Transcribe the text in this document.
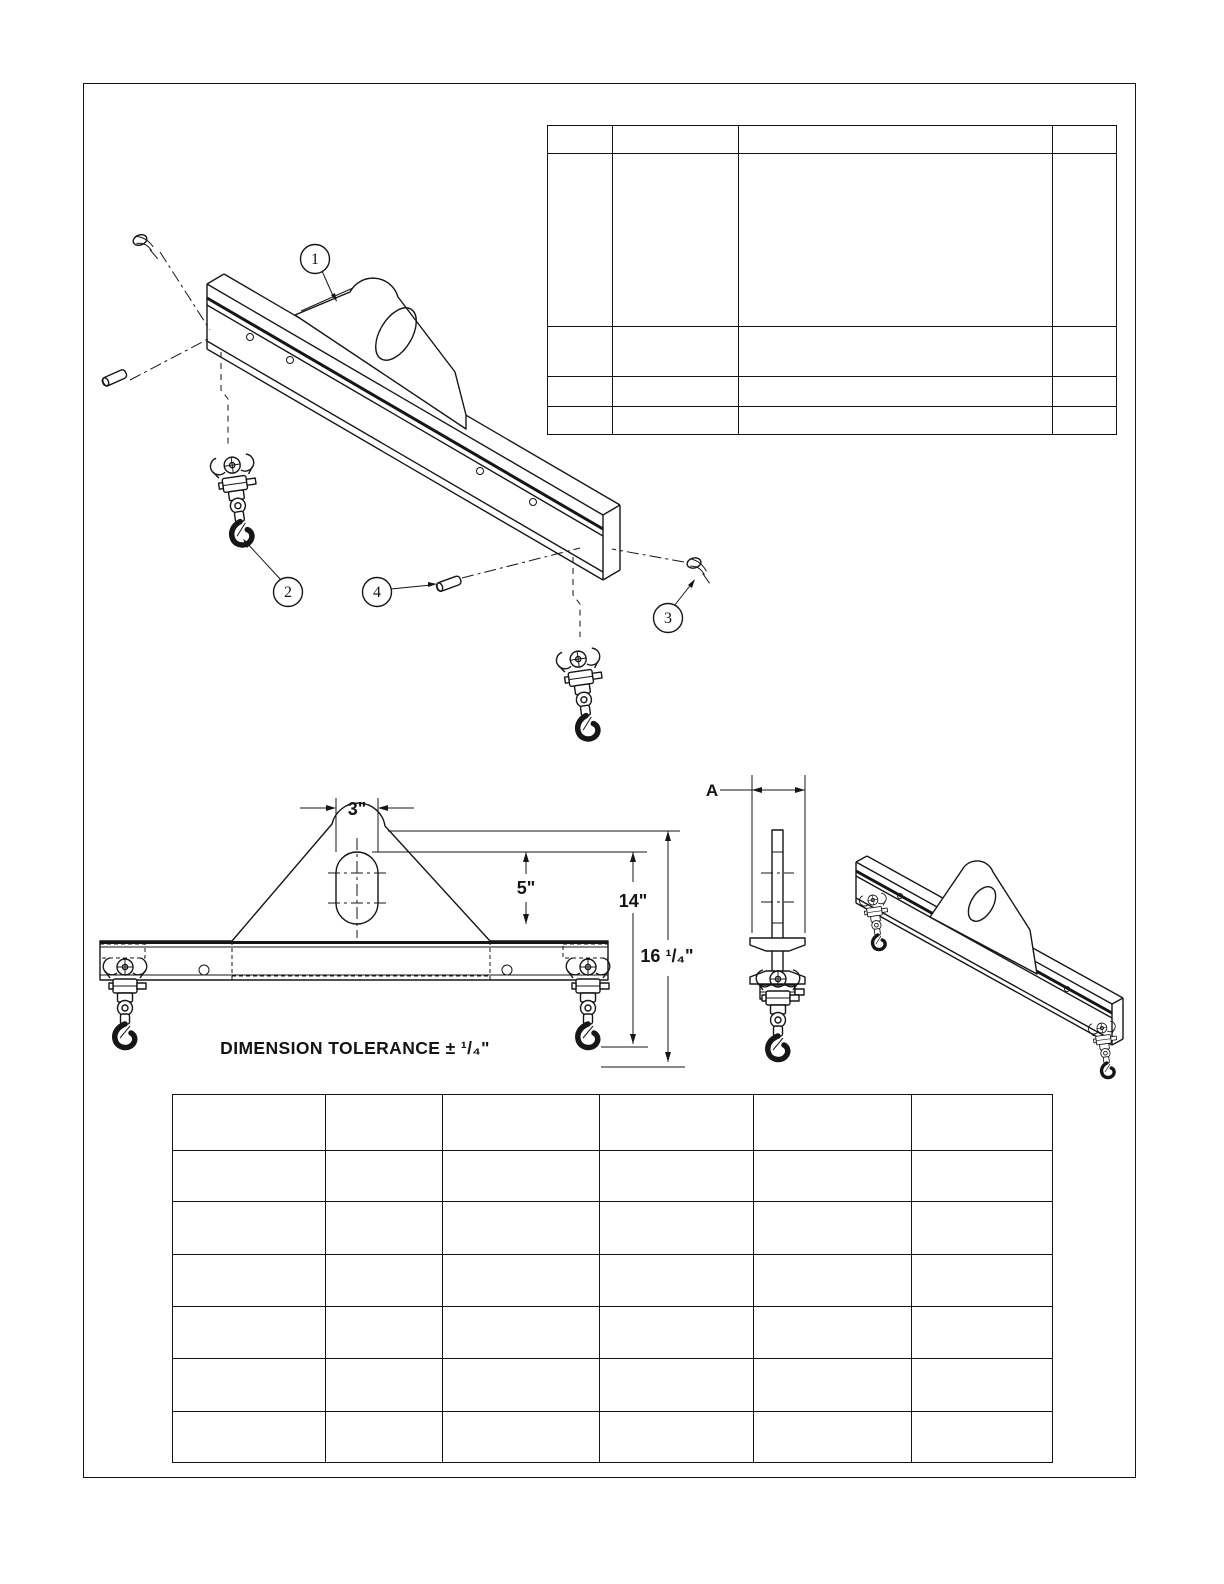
1
2
3
4
3"
5"
14"
16 ¹/₄"
DIMENSION TOLERANCE ± ¹/₄"
A
